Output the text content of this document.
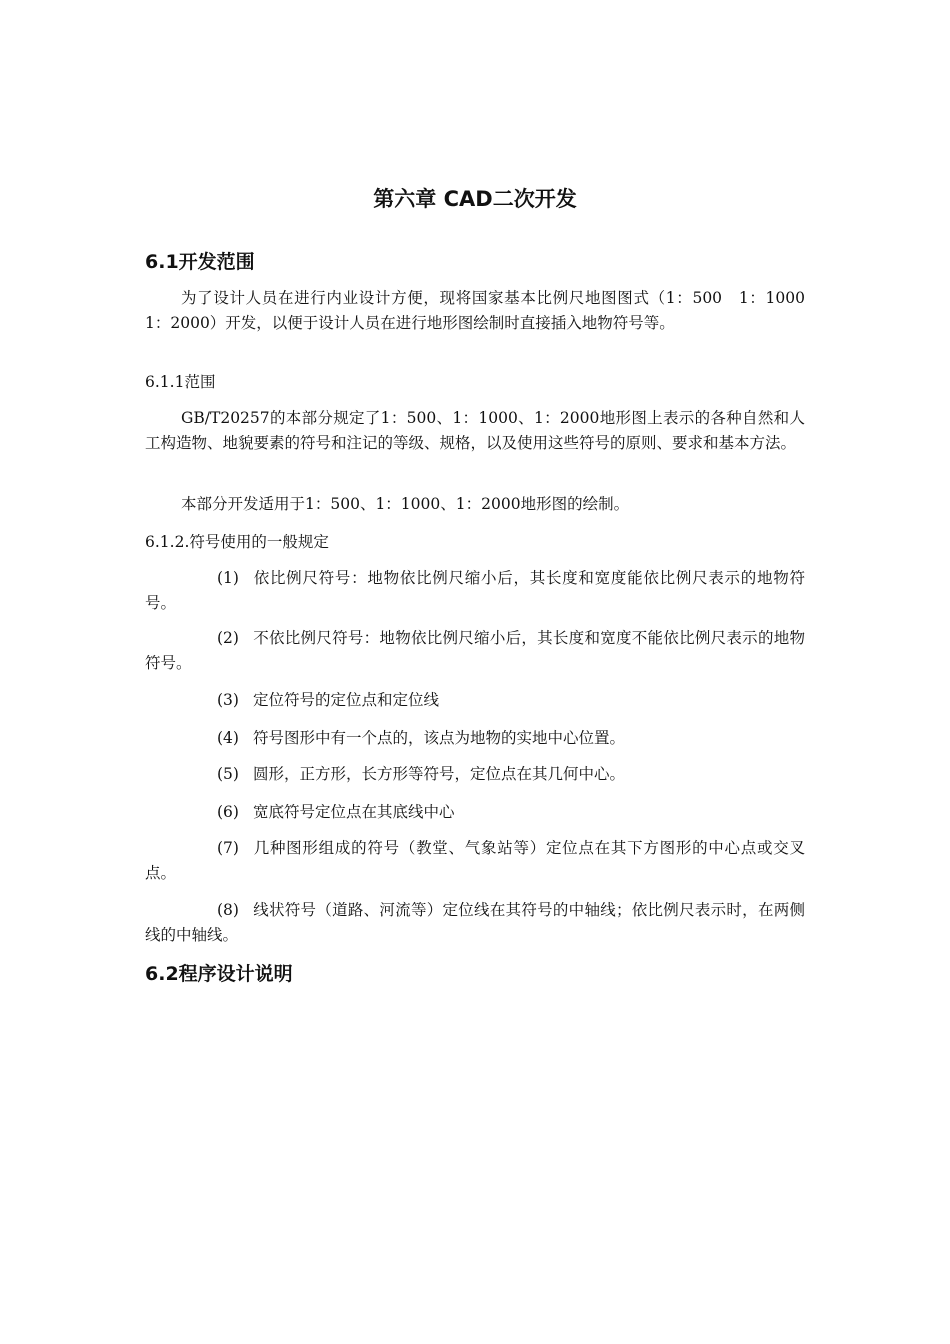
第六章 CAD二次开发
6.1开发范围

为了设计人员在进行内业设计方便，现将国家基本比例尺地图图式（1：500　1：1000　1：2000）开发，以便于设计人员在进行地形图绘制时直接插入地物符号等。

6.1.1范围

GB/T20257的本部分规定了1：500、1：1000、1：2000地形图上表示的各种自然和人工构造物、地貌要素的符号和注记的等级、规格，以及使用这些符号的原则、要求和基本方法。

本部分开发适用于1：500、1：1000、1：2000地形图的绘制。

6.1.2.符号使用的一般规定

(1) 依比例尺符号：地物依比例尺缩小后，其长度和宽度能依比例尺表示的地物符号。

(2) 不依比例尺符号：地物依比例尺缩小后，其长度和宽度不能依比例尺表示的地物符号。

(3) 定位符号的定位点和定位线

(4) 符号图形中有一个点的，该点为地物的实地中心位置。

(5) 圆形，正方形，长方形等符号，定位点在其几何中心。

(6) 宽底符号定位点在其底线中心

(7) 几种图形组成的符号（教堂、气象站等）定位点在其下方图形的中心点或交叉点。

(8) 线状符号（道路、河流等）定位线在其符号的中轴线；依比例尺表示时，在两侧线的中轴线。

6.2程序设计说明
